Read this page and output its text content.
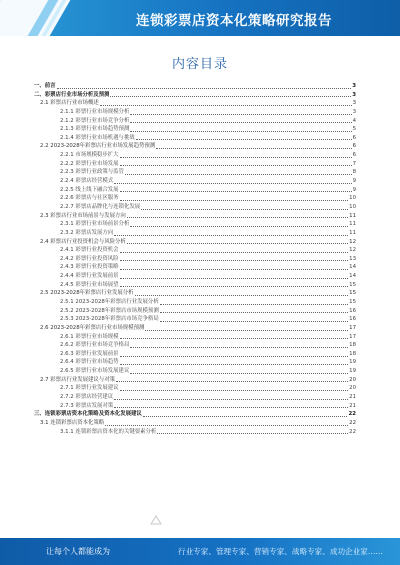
连锁彩票店资本化策略研究报告
内容目录
一、前言	3
二、彩票店行业市场分析及预测	3
2.1 彩票店行业市场概述	3
2.1.1 彩票行业市场规模分析	3
2.1.2 彩票行业市场竞争分析	4
2.1.3 彩票行业市场趋势预测	5
2.1.4 彩票行业市场机遇与挑战	6
2.2 2023-2028年彩票店行业市场发展趋势预测	6
2.2.1 市场规模稳步扩大	6
2.2.2 彩票行业市场发展	7
2.2.3 彩票行业政策与监管	8
2.2.4 彩票店经营模式	9
2.2.5 线上线下融合发展	9
2.2.6 彩票店与社区服务	10
2.2.7 彩票店品牌化与连锁化发展	10
2.3 彩票店行业市场前景与发展方向	11
2.3.1 彩票行业市场前景分析	11
2.3.2 彩票店发展方向	11
2.4 彩票店行业投资机会与风险分析	12
2.4.1 彩票行业投资机会	12
2.4.2 彩票行业投资风险	13
2.4.3 彩票行业投资策略	14
2.4.4 彩票行业发展前景	14
2.4.5 彩票行业市场展望	15
2.5 2023-2028年彩票店行业发展分析	15
2.5.1 2023-2028年彩票店行业发展分析	15
2.5.2 2023-2028年彩票店市场规模预测	16
2.5.3 2023-2028年彩票店市场竞争格局	16
2.6 2023-2028年彩票店行业市场规模预测	17
2.6.1 彩票行业市场规模	17
2.6.2 彩票行业市场竞争格局	18
2.6.3 彩票行业发展前景	18
2.6.4 彩票行业市场趋势	19
2.6.5 彩票行业市场发展建议	19
2.7 彩票店行业发展建议与对策	20
2.7.1 彩票行业发展建议	20
2.7.2 彩票店经营建议	21
2.7.3 彩票店发展对策	21
三、连锁彩票店资本化策略及资本化发展建议	22
3.1 连锁彩票店资本化策略	22
3.1.1 连锁彩票店资本化的关键要素分析	22
让每个人都能成为	行业专家、管理专家、营销专家、战略专家、成功企业家……
